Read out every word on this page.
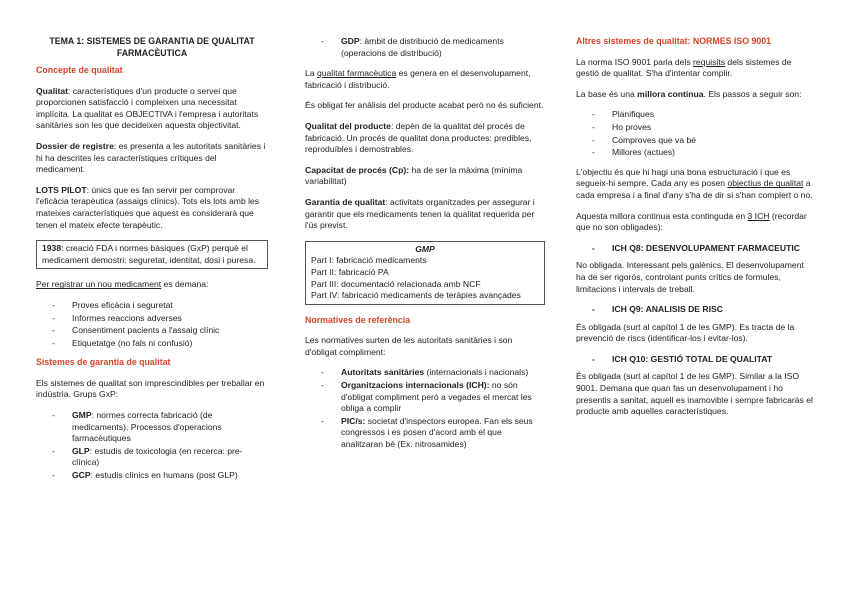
TEMA 1: SISTEMES DE GARANTIA DE QUALITAT FARMACÈUTICA
Concepte de qualitat

Qualitat: característiques d'un producte o servei que proporcionen satisfacció i compleixen una necessitat implícita. La qualitat es OBJECTIVA i l'empresa i autoritats sanitàries son les que decideixen aquesta objectivitat.

Dossier de registre: es presenta a les autoritats sanitàries i hi ha descrites les característiques crítiques del medicament.

LOTS PILOT: únics que es fan servir per comprovar l'eficàcia terapèutica (assaigs clínics). Tots els lots amb les mateixes característiques que aquest es considerarà que tenen el mateix efecte terapèutic.

1938: creació FDA i normes bàsiques (GxP) perquè el medicament demostri: seguretat, identitat, dosi i puresa.

Per registrar un nou medicament es demana:

- Proves eficàcia i seguretat
- Informes reaccions adverses
- Consentiment pacients a l'assaig clínic
- Etiquetatge (no fals ni confusió)
Sistemes de garantia de qualitat

Els sistemes de qualitat son imprescindibles per treballar en indústria. Grups GxP:

- GMP: normes correcta fabricació (de medicaments). Processos d'operacions farmacèutiques
- GLP: estudis de toxicologia (en recerca: pre-clínica)
- GCP: estudis clínics en humans (post GLP)
- GDP: àmbit de distribució de medicaments (operacions de distribució)

La qualitat farmacèutica es genera en el desenvolupament, fabricació i distribució.

És obligat fer anàlisis del producte acabat però no és suficient.

Qualitat del producte: depèn de la qualitat del procés de fabricació. Un procés de qualitat dona productes: predibles, reproduïbles i demostrables.

Capacitat de procés (Cp): ha de ser la màxima (mínima variabilitat)

Garantia de qualitat: activitats organitzades per assegurar i garantir que els medicaments tenen la qualitat requerida per l'ús previst.

GMP
Part I: fabricació medicaments
Part II: fabricació PA
Part III: documentació relacionada amb NCF
Part IV: fabricació medicaments de teràpies avançades
Normatives de referència

Les normatives surten de les autoritats sanitàries i son d'obligat compliment:

- Autoritats sanitàries (internacionals i nacionals)
- Organitzacions internacionals (ICH): no són d'obligat compliment però a vegades el mercat les obliga a complir
- PIC/s: societat d'inspectors europea. Fan els seus congressos i es posen d'acord amb el que analitzaran bé (Ex. nitrosamides)
Altres sistemes de qualitat: NORMES ISO 9001

La norma ISO 9001 parla dels requisits dels sistemes de gestió de qualitat. S'ha d'intentar complir.

La base és una millora continua. Els passos a seguir son:

- Planifiques
- Ho proves
- Comproves que va bé
- Millores (actues)

L'objectiu és que hi hagi una bona estructuració i que es segueix-hi sempre. Cada any es posen objectius de qualitat a cada empresa i a final d'any s'ha de dir si s'han complert o no.

Aquesta millora continua esta continguda en 3 ICH (recordar que no son obligades):

- ICH Q8: DESENVOLUPAMENT FARMACEUTIC

No obligada. Interessant pels galènics. El desenvolupament ha de ser rigorós, controlant punts crítics de formules, limitacions i intervals de treball.

- ICH Q9: ANALISIS DE RISC

És obligada (surt al capítol 1 de les GMP). Es tracta de la prevenció de riscs (identificar-los i evitar-los).

- ICH Q10: GESTIÓ TOTAL DE QUALITAT

És obligada (surt al capítol 1 de les GMP). Similar a la ISO 9001. Demana que quan fas un desenvolupament i ho presentis a sanitat, aquell es inamovible i sempre fabricaràs el producte amb aquelles característiques.
